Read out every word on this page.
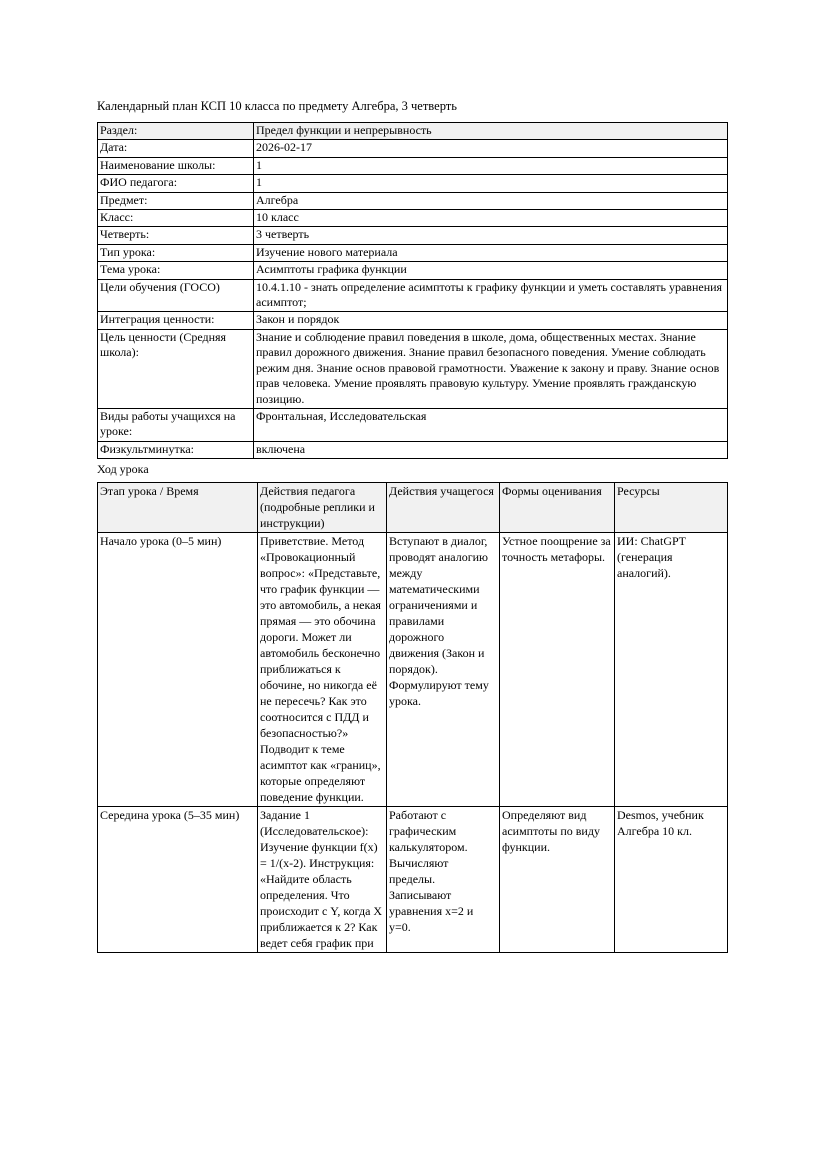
Календарный план КСП 10 класса по предмету Алгебра, 3 четверть

Раздел:	Предел функции и непрерывность
Дата:	2026-02-17
Наименование школы:	1
ФИО педагога:	1
Предмет:	Алгебра
Класс:	10 класс
Четверть:	3 четверть
Тип урока:	Изучение нового материала
Тема урока:	Асимптоты графика функции
Цели обучения (ГОСО)	10.4.1.10 - знать определение асимптоты к графику функции и уметь составлять уравнения асимптот;
Интеграция ценности:	Закон и порядок
Цель ценности (Средняя школа):	Знание и соблюдение правил поведения в школе, дома, общественных местах. Знание правил дорожного движения. Знание правил безопасного поведения. Умение соблюдать режим дня. Знание основ правовой грамотности. Уважение к закону и праву. Знание основ прав человека. Умение проявлять правовую культуру. Умение проявлять гражданскую позицию.
Виды работы учащихся на уроке:	Фронтальная, Исследовательская
Физкультминутка:	включена

Ход урока

Этап урока / Время	Действия педагога (подробные реплики и инструкции)	Действия учащегося	Формы оценивания	Ресурсы
Начало урока (0–5 мин)	Приветствие. Метод «Провокационный вопрос»: «Представьте, что график функции — это автомобиль, а некая прямая — это обочина дороги. Может ли автомобиль бесконечно приближаться к обочине, но никогда её не пересечь? Как это соотносится с ПДД и безопасностью?» Подводит к теме асимптот как «границ», которые определяют поведение функции.	Вступают в диалог, проводят аналогию между математическими ограничениями и правилами дорожного движения (Закон и порядок). Формулируют тему урока.	Устное поощрение за точность метафоры.	ИИ: ChatGPT (генерация аналогий).
Середина урока (5–35 мин)	Задание 1 (Исследовательское): Изучение функции f(x) = 1/(x-2). Инструкция: «Найдите область определения. Что происходит с Y, когда X приближается к 2? Как ведет себя график при	Работают с графическим калькулятором. Вычисляют пределы. Записывают уравнения x=2 и y=0.	Определяют вид асимптоты по виду функции.	Desmos, учебник Алгебра 10 кл.
